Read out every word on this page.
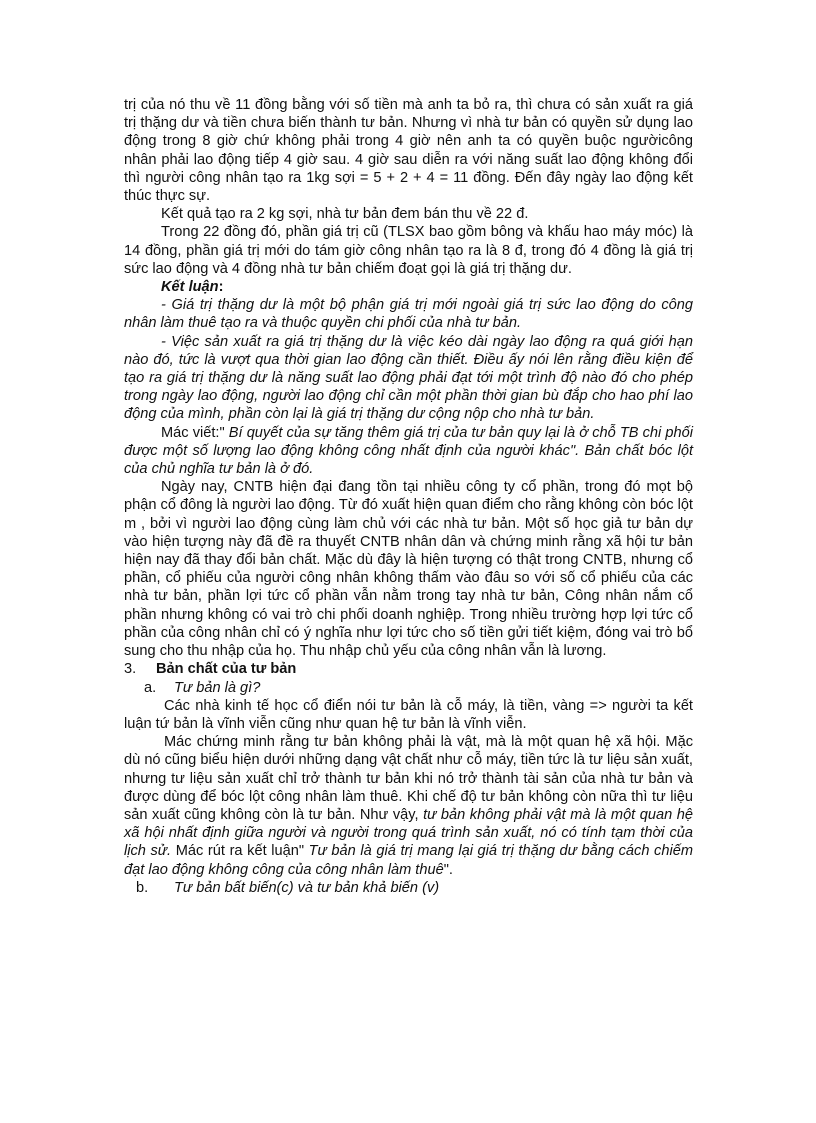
trị của nó thu về 11 đồng bằng với số tiền mà anh ta bỏ ra, thì chưa có sản xuất ra giá trị thặng dư và tiền chưa biến thành tư bản. Nhưng vì nhà tư bản có quyền sử dụng lao động trong 8 giờ chứ không phải trong 4 giờ nên anh ta có quyền buộc ngườicông nhân phải lao động tiếp 4 giờ sau. 4 giờ sau diễn ra với năng suất lao động không đổi thì người công nhân tạo ra 1kg sợi = 5 + 2 + 4 = 11 đồng. Đến đây ngày lao động kết thúc thực sự.

Kết quả tạo ra 2 kg sợi, nhà tư bản đem bán thu về 22 đ.

Trong 22 đồng đó, phần giá trị cũ (TLSX bao gồm bông và khấu hao máy móc) là 14 đồng, phần giá trị mới do tám giờ công nhân tạo ra là 8 đ, trong đó 4 đồng là giá trị sức lao động và 4 đồng nhà tư bản chiếm đoạt gọi là giá trị thặng dư.

Kết luận:

- Giá trị thặng dư là một bộ phận giá trị mới ngoài giá trị sức lao động do công nhân làm thuê tạo ra và thuộc quyền chi phối của nhà tư bản.

- Việc sản xuất ra giá trị thặng dư là việc kéo dài ngày lao động ra quá giới hạn nào đó, tức là vượt qua thời gian lao động cần thiết. Điều ấy nói lên rằng điều kiện để tạo ra giá trị thặng dư là năng suất lao động phải đạt tới một trình độ nào đó cho phép trong ngày lao động, người lao động chỉ cần một phần thời gian bù đắp cho hao phí lao động của mình, phần còn lại là giá trị thặng dư cộng nộp cho nhà tư bản.

Mác viết:" Bí quyết của sự tăng thêm giá trị của tư bản quy lại là ở chỗ TB chi phối được một số lượng lao động không công nhất định của người khác". Bản chất bóc lột của chủ nghĩa tư bản là ở đó.

Ngày nay, CNTB hiện đại đang tồn tại nhiều công ty cổ phần, trong đó mọt bộ phận cổ đông là người lao động. Từ đó xuất hiện quan điểm cho rằng không còn bóc lột m , bởi vì người lao động cùng làm chủ với các nhà tư bản. Một số học giả tư bản dự vào hiện tượng này đã đề ra thuyết CNTB nhân dân và chứng minh rằng xã hội tư bản hiện nay đã thay đổi bản chất. Mặc dù đây là hiện tượng có thật trong CNTB, nhưng cổ phần, cổ phiếu của người công nhân không thấm vào đâu so với số cổ phiếu của các nhà tư bản, phần lợi tức cổ phần vẫn nằm trong tay nhà tư bản, Công nhân nắm cổ phần nhưng không có vai trò chi phối doanh nghiệp. Trong nhiều trường hợp lợi tức cổ phần của công nhân chỉ có ý nghĩa như lợi tức cho số tiền gửi tiết kiệm, đóng vai trò bổ sung cho thu nhập của họ. Thu nhập chủ yếu của công nhân vẫn là lương.

3.	Bản chất của tư bản
a.	Tư bản là gì?

Các nhà kinh tế học cổ điển nói tư bản là cỗ máy, là tiền, vàng => người ta kết luận tứ bản là vĩnh viễn cũng như quan hệ tư bản là vĩnh viễn.

Mác chứng minh rằng tư bản không phải là vật, mà là một quan hệ xã hội. Mặc dù nó cũng biểu hiện dưới những dạng vật chất như cỗ máy, tiền tức là tư liệu sản xuất, nhưng tư liệu sản xuất chỉ trở thành tư bản khi nó trở thành tài sản của nhà tư bản và được dùng để bóc lột công nhân làm thuê. Khi chế độ tư bản không còn nữa thì tư liệu sản xuất cũng không còn là tư bản. Như vậy, tư bản không phải vật mà là một quan hệ xã hội nhất định giữa người và người trong quá trình sản xuất, nó có tính tạm thời của lịch sử. Mác rút ra kết luận" Tư bản là giá trị mang lại giá trị thặng dư bằng cách chiếm đạt lao động không công của công nhân làm thuê".

b.	Tư bản bất biến(c) và tư bản khả biến (v)
